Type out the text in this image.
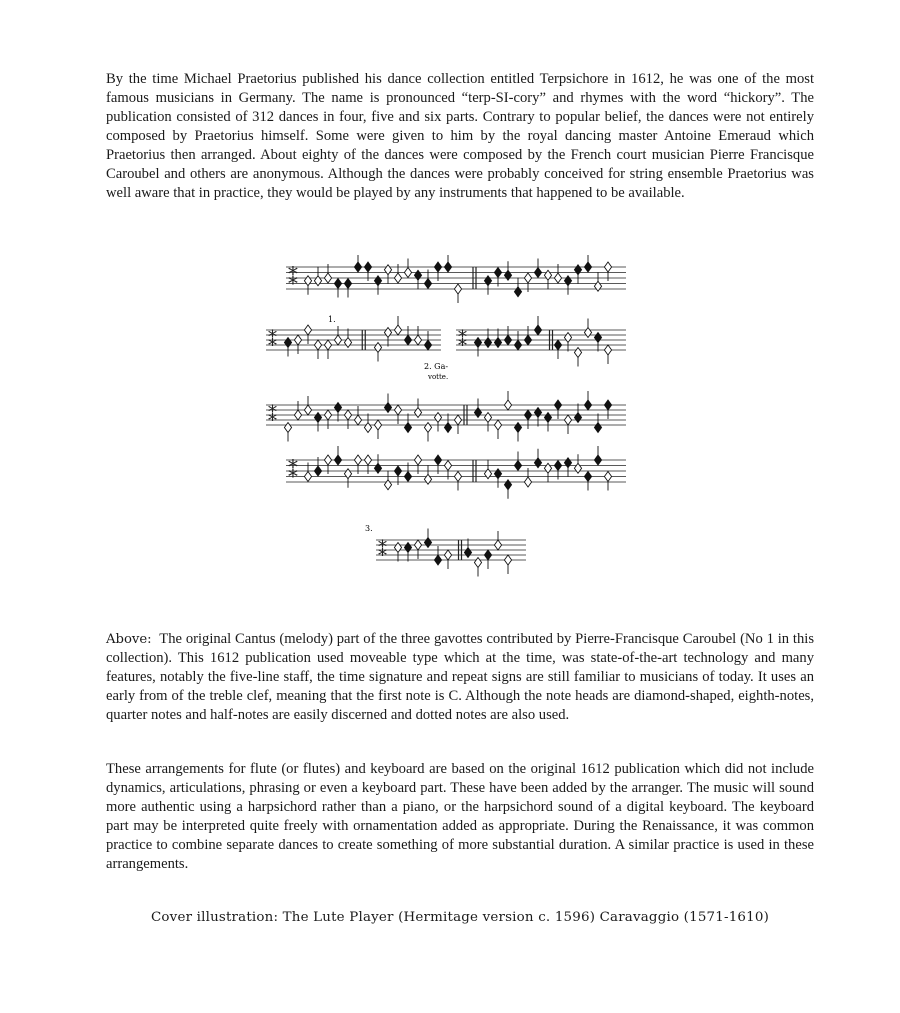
By the time Michael Praetorius published his dance collection entitled Terpsichore in 1612, he was one of the most famous musicians in Germany. The name is pronounced “terp-SI-cory” and rhymes with the word “hickory”. The publication consisted of 312 dances in four, five and six parts. Contrary to popular belief, the dances were not entirely composed by Praetorius himself. Some were given to him by the royal dancing master Antoine Emeraud which Praetorius then arranged. About eighty of the dances were composed by the French court musician Pierre Francisque Caroubel and others are anonymous. Although the dances were probably conceived for string ensemble Praetorius was well aware that in practice, they would be played by any instruments that happened to be available.

⁑
⁑	⁑
⁑
⁑
⁑
1.
2. Ga-
votte.
3.

Above: The original Cantus (melody) part of the three gavottes contributed by Pierre-Francisque Caroubel (No 1 in this collection). This 1612 publication used moveable type which at the time, was state-of-the-art technology and many features, notably the five-line staff, the time signature and repeat signs are still familiar to musicians of today. It uses an early from of the treble clef, meaning that the first note is C. Although the note heads are diamond-shaped, eighth-notes, quarter notes and half-notes are easily discerned and dotted notes are also used.

These arrangements for flute (or flutes) and keyboard are based on the original 1612 publication which did not include dynamics, articulations, phrasing or even a keyboard part. These have been added by the arranger. The music will sound more authentic using a harpsichord rather than a piano, or the harpsichord sound of a digital keyboard. The keyboard part may be interpreted quite freely with ornamentation added as appropriate. During the Renaissance, it was common practice to combine separate dances to create something of more substantial duration. A similar practice is used in these arrangements.

Cover illustration: The Lute Player (Hermitage version c. 1596) Caravaggio (1571-1610)
